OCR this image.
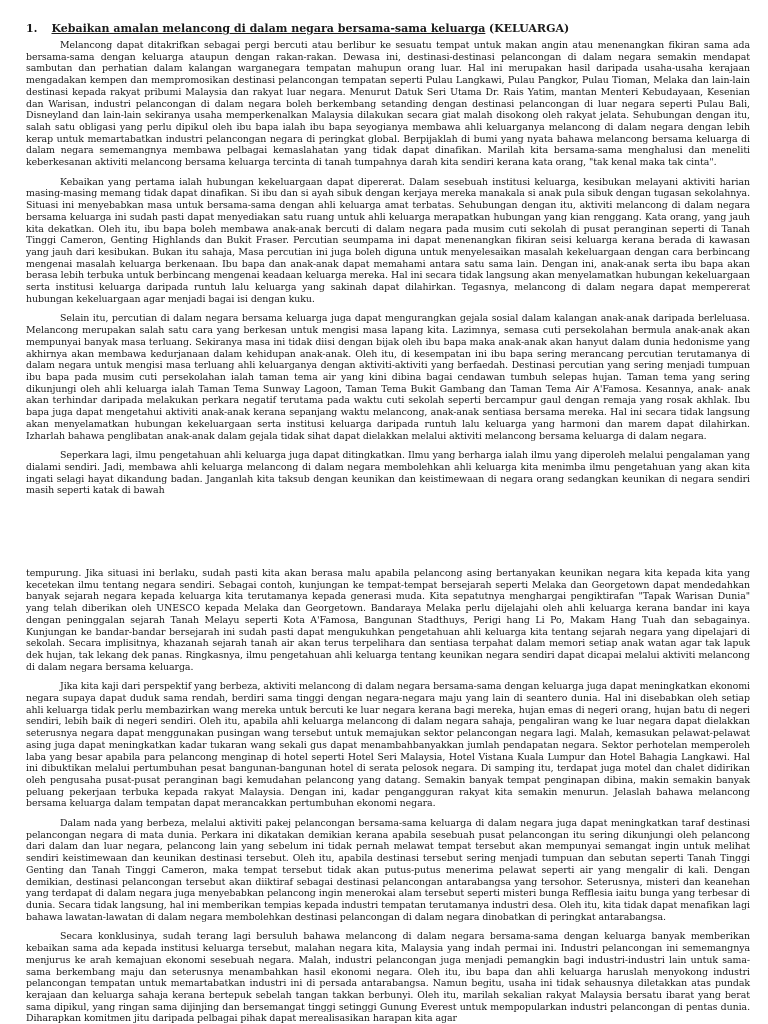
1. Kebaikan amalan melancong di dalam negara bersama-sama keluarga (KELUARGA)

Melancong dapat ditakrifkan sebagai pergi bercuti atau berlibur ke sesuatu tempat untuk makan angin atau menenangkan fikiran sama ada bersama-sama dengan keluarga ataupun dengan rakan-rakan. Dewasa ini, destinasi-destinasi pelancongan di dalam negara semakin mendapat sambutan dan perhatian dalam kalangan warganegara tempatan mahupun orang luar. Hal ini merupakan hasil daripada usaha-usaha kerajaan mengadakan kempen dan mempromosikan destinasi pelancongan tempatan seperti Pulau Langkawi, Pulau Pangkor, Pulau Tioman, Melaka dan lain-lain destinasi kepada rakyat pribumi Malaysia dan rakyat luar negara. Menurut Datuk Seri Utama Dr. Rais Yatim, mantan Menteri Kebudayaan, Kesenian dan Warisan, industri pelancongan di dalam negara boleh berkembang setanding dengan destinasi pelancongan di luar negara seperti Pulau Bali, Disneyland dan lain-lain sekiranya usaha memperkenalkan Malaysia dilakukan secara giat malah disokong oleh rakyat jelata. Sehubungan dengan itu, salah satu obligasi yang perlu dipikul oleh ibu bapa ialah ibu bapa seyogianya membawa ahli keluarganya melancong di dalam negara dengan lebih kerap untuk memartabatkan industri pelancongan negara di peringkat global. Berpijaklah di bumi yang nyata bahawa melancong bersama keluarga di dalam negara sememangnya membawa pelbagai kemaslahatan yang tidak dapat dinafikan. Marilah kita bersama-sama menghalusi dan meneliti keberkesanan aktiviti melancong bersama keluarga tercinta di tanah tumpahnya darah kita sendiri kerana kata orang, "tak kenal maka tak cinta".

Kebaikan yang pertama ialah hubungan kekeluargaan dapat dipererat. Dalam sesebuah institusi keluarga, kesibukan melayani aktiviti harian masing-masing memang tidak dapat dinafikan. Si ibu dan si ayah sibuk dengan kerjaya mereka manakala si anak pula sibuk dengan tugasan sekolahnya. Situasi ini menyebabkan masa untuk bersama-sama dengan ahli keluarga amat terbatas. Sehubungan dengan itu, aktiviti melancong di dalam negara bersama keluarga ini sudah pasti dapat menyediakan satu ruang untuk ahli keluarga merapatkan hubungan yang kian renggang. Kata orang, yang jauh kita dekatkan. Oleh itu, ibu bapa boleh membawa anak-anak bercuti di dalam negara pada musim cuti sekolah di pusat peranginan seperti di Tanah Tinggi Cameron, Genting Highlands dan Bukit Fraser. Percutian seumpama ini dapat menenangkan fikiran seisi keluarga kerana berada di kawasan yang jauh dari kesibukan. Bukan itu sahaja, Masa percutian ini juga boleh diguna untuk menyelesaikan masalah kekeluargaan dengan cara berbincang mengenai masalah keluarga berkenaan. Ibu bapa dan anak-anak dapat memahami antara satu sama lain. Dengan ini, anak-anak serta ibu bapa akan berasa lebih terbuka untuk berbincang mengenai keadaan keluarga mereka. Hal ini secara tidak langsung akan menyelamatkan hubungan kekeluargaan serta institusi keluarga daripada runtuh lalu keluarga yang sakinah dapat dilahirkan. Tegasnya, melancong di dalam negara dapat mempererat hubungan kekeluargaan agar menjadi bagai isi dengan kuku.

Selain itu, percutian di dalam negara bersama keluarga juga dapat mengurangkan gejala sosial dalam kalangan anak-anak daripada berleluasa. Melancong merupakan salah satu cara yang berkesan untuk mengisi masa lapang kita. Lazimnya, semasa cuti persekolahan bermula anak-anak akan mempunyai banyak masa terluang. Sekiranya masa ini tidak diisi dengan bijak oleh ibu bapa maka anak-anak akan hanyut dalam dunia hedonisme yang akhirnya akan membawa kedurjanaan dalam kehidupan anak-anak. Oleh itu, di kesempatan ini ibu bapa sering merancang percutian terutamanya di dalam negara untuk mengisi masa terluang ahli keluarganya dengan aktiviti-aktiviti yang berfaedah. Destinasi percutian yang sering menjadi tumpuan ibu bapa pada musim cuti persekolahan ialah taman tema air yang kini dibina bagai cendawan tumbuh selepas hujan. Taman tema yang sering dikunjungi oleh ahli keluarga ialah Taman Tema Sunway Lagoon, Taman Tema Bukit Gambang dan Taman Tema Air A'Famosa. Kesannya, anak- anak akan terhindar daripada melakukan perkara negatif terutama pada waktu cuti sekolah seperti bercampur gaul dengan remaja yang rosak akhlak. Ibu bapa juga dapat mengetahui aktiviti anak-anak kerana sepanjang waktu melancong, anak-anak sentiasa bersama mereka. Hal ini secara tidak langsung akan menyelamatkan hubungan kekeluargaan serta institusi keluarga daripada runtuh lalu keluarga yang harmoni dan marem dapat dilahirkan. Izharlah bahawa penglibatan anak-anak dalam gejala tidak sihat dapat dielakkan melalui aktiviti melancong bersama keluarga di dalam negara.

Seperkara lagi, ilmu pengetahuan ahli keluarga juga dapat ditingkatkan. Ilmu yang berharga ialah ilmu yang diperoleh melalui pengalaman yang dialami sendiri. Jadi, membawa ahli keluarga melancong di dalam negara membolehkan ahli keluarga kita menimba ilmu pengetahuan yang akan kita ingati selagi hayat dikandung badan. Janganlah kita taksub dengan keunikan dan keistimewaan di negara orang sedangkan keunikan di negara sendiri masih seperti katak di bawah

tempurung. Jika situasi ini berlaku, sudah pasti kita akan berasa malu apabila pelancong asing bertanyakan keunikan negara kita kepada kita yang kecetekan ilmu tentang negara sendiri. Sebagai contoh, kunjungan ke tempat-tempat bersejarah seperti Melaka dan Georgetown dapat mendedahkan banyak sejarah negara kepada keluarga kita terutamanya kepada generasi muda. Kita sepatutnya menghargai pengiktirafan "Tapak Warisan Dunia" yang telah diberikan oleh UNESCO kepada Melaka dan Georgetown. Bandaraya Melaka perlu dijelajahi oleh ahli keluarga kerana bandar ini kaya dengan peninggalan sejarah Tanah Melayu seperti Kota A'Famosa, Bangunan Stadthuys, Perigi hang Li Po, Makam Hang Tuah dan sebagainya. Kunjungan ke bandar-bandar bersejarah ini sudah pasti dapat mengukuhkan pengetahuan ahli keluarga kita tentang sejarah negara yang dipelajari di sekolah. Secara implisitnya, khazanah sejarah tanah air akan terus terpelihara dan sentiasa terpahat dalam memori setiap anak watan agar tak lapuk dek hujan, tak lekang dek panas. Ringkasnya, ilmu pengetahuan ahli keluarga tentang keunikan negara sendiri dapat dicapai melalui aktiviti melancong di dalam negara bersama keluarga.

Jika kita kaji dari perspektif yang berbeza, aktiviti melancong di dalam negara bersama-sama dengan keluarga juga dapat meningkatkan ekonomi negara supaya dapat duduk sama rendah, berdiri sama tinggi dengan negara-negara maju yang lain di seantero dunia. Hal ini disebabkan oleh setiap ahli keluarga tidak perlu membazirkan wang mereka untuk bercuti ke luar negara kerana bagi mereka, hujan emas di negeri orang, hujan batu di negeri sendiri, lebih baik di negeri sendiri. Oleh itu, apabila ahli keluarga melancong di dalam negara sahaja, pengaliran wang ke luar negara dapat dielakkan seterusnya negara dapat menggunakan pusingan wang tersebut untuk memajukan sektor pelancongan negara lagi. Malah, kemasukan pelawat-pelawat asing juga dapat meningkatkan kadar tukaran wang sekali gus dapat menambahbanyakkan jumlah pendapatan negara. Sektor perhotelan memperoleh laba yang besar apabila para pelancong menginap di hotel seperti Hotel Seri Malaysia, Hotel Vistana Kuala Lumpur dan Hotel Bahagia Langkawi. Hal ini dibuktikan melalui pertumbuhan pesat bangunan-bangunan hotel di serata pelosok negara. Di samping itu, terdapat juga motel dan chalet didirikan oleh pengusaha pusat-pusat peranginan bagi kemudahan pelancong yang datang. Semakin banyak tempat penginapan dibina, makin semakin banyak peluang pekerjaan terbuka kepada rakyat Malaysia. Dengan ini, kadar pengangguran rakyat kita semakin menurun. Jelaslah bahawa melancong bersama keluarga dalam tempatan dapat merancakkan pertumbuhan ekonomi negara.

Dalam nada yang berbeza, melalui aktiviti pakej pelancongan bersama-sama keluarga di dalam negara juga dapat meningkatkan taraf destinasi pelancongan negara di mata dunia. Perkara ini dikatakan demikian kerana apabila sesebuah pusat pelancongan itu sering dikunjungi oleh pelancong dari dalam dan luar negara, pelancong lain yang sebelum ini tidak pernah melawat tempat tersebut akan mempunyai semangat ingin untuk melihat sendiri keistimewaan dan keunikan destinasi tersebut. Oleh itu, apabila destinasi tersebut sering menjadi tumpuan dan sebutan seperti Tanah Tinggi Genting dan Tanah Tinggi Cameron, maka tempat tersebut tidak akan putus-putus menerima pelawat seperti air yang mengalir di kali. Dengan demikian, destinasi pelancongan tersebut akan diiktiraf sebagai destinasi pelancongan antarabangsa yang tersohor. Seterusnya, misteri dan keanehan yang terdapat di dalam negara juga menyebabkan pelancong ingin menerokai alam tersebut seperti misteri bunga Refflesia iaitu bunga yang terbesar di dunia. Secara tidak langsung, hal ini memberikan tempias kepada industri tempatan terutamanya industri desa. Oleh itu, kita tidak dapat menafikan lagi bahawa lawatan-lawatan di dalam negara membolehkan destinasi pelancongan di dalam negara dinobatkan di peringkat antarabangsa.

Secara konklusinya, sudah terang lagi bersuluh bahawa melancong di dalam negara bersama-sama dengan keluarga banyak memberikan kebaikan sama ada kepada institusi keluarga tersebut, malahan negara kita, Malaysia yang indah permai ini. Industri pelancongan ini sememangnya menjurus ke arah kemajuan ekonomi sesebuah negara. Malah, industri pelancongan juga menjadi pemangkin bagi industri-industri lain untuk sama-sama berkembang maju dan seterusnya menambahkan hasil ekonomi negara. Oleh itu, ibu bapa dan ahli keluarga haruslah menyokong industri pelancongan tempatan untuk memartabatkan industri ini di persada antarabangsa. Namun begitu, usaha ini tidak sehausnya diletakkan atas pundak kerajaan dan keluarga sahaja kerana bertepuk sebelah tangan takkan berbunyi. Oleh itu, marilah sekalian rakyat Malaysia bersatu ibarat yang berat sama dipikul, yang ringan sama dijinjing dan bersemangat tinggi setinggi Gunung Everest untuk mempopularkan industri pelancongan di pentas dunia. Diharapkan komitmen jitu daripada pelbagai pihak dapat merealisasikan harapan kita agar
